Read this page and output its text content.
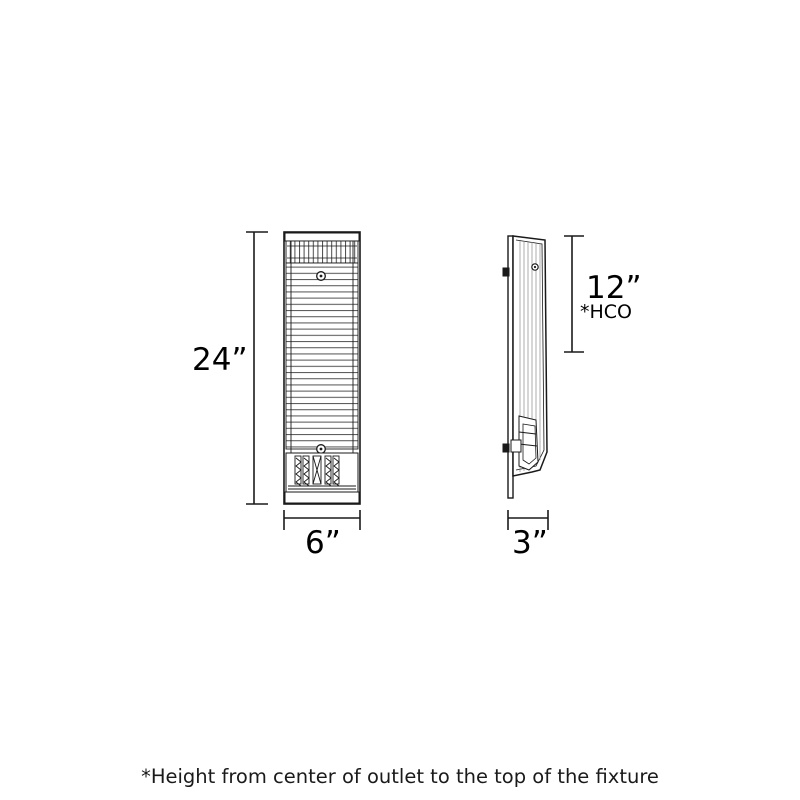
24”
6”	3”
12”
*HCO
*Height from center of outlet to the top of the fixture
